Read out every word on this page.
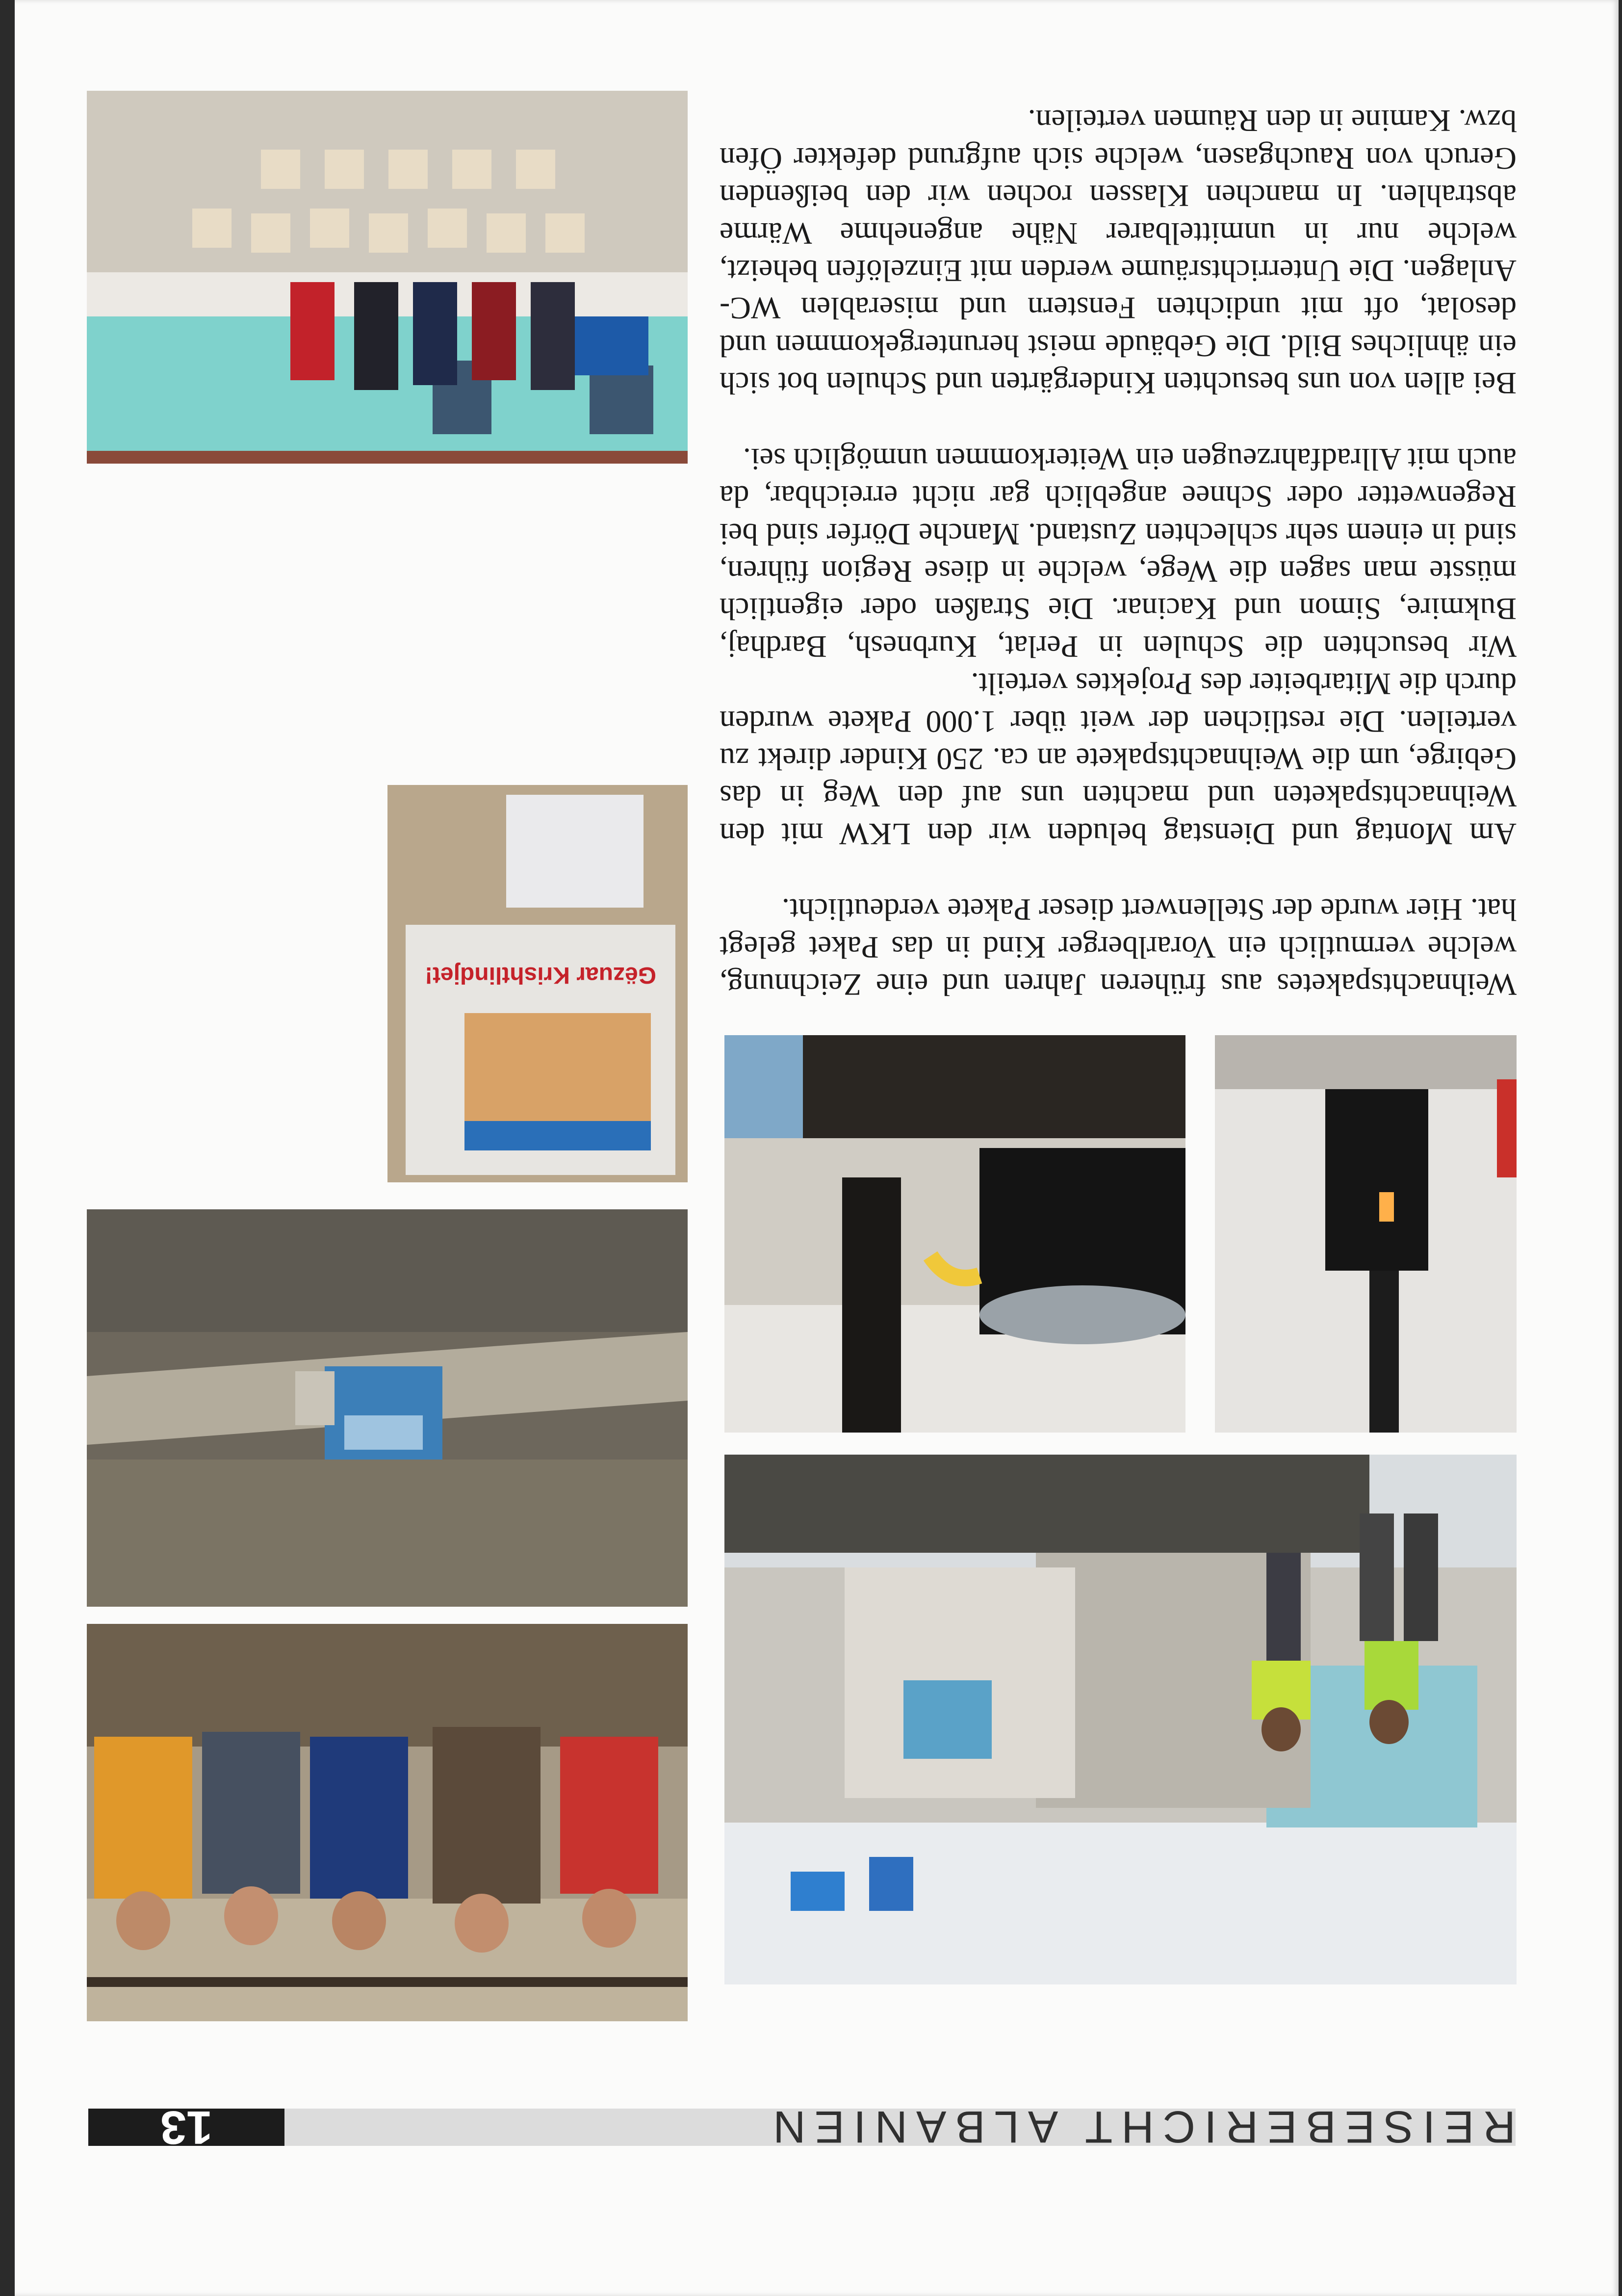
REISEBERICHT ALBANIEN
13
Gëzuar Krishtlindjet!	Weihnachtspaketes aus früheren Jahren und eine Zeichnung, welche vermutlich ein Vorarlberger Kind in das Paket gelegt hat. Hier wurde der Stellenwert dieser Pakete verdeutlicht.

Am Montag und Dienstag beluden wir den LKW mit den Weihnachtspaketen und machten uns auf den Weg in das Gebirge, um die Weihnachtspakete an ca. 250 Kinder direkt zu verteilen. Die restlichen der weit über 1.000 Pakete wurden durch die Mitarbeiter des Projektes verteilt.

Wir besuchten die Schulen in Perlat, Kurbnesh, Bardhaj, Bukmire, Simon und Kacinar. Die Straßen oder eigentlich müsste man sagen die Wege, welche in diese Region führen, sind in einem sehr schlechten Zustand. Manche Dörfer sind bei Regenwetter oder Schnee angeblich gar nicht erreichbar, da auch mit Allradfahrzeugen ein Weiterkommen unmöglich sei.

Bei allen von uns besuchten Kindergärten und Schulen bot sich ein ähnliches Bild. Die Gebäude meist heruntergekommen und desolat, oft mit undichten Fenstern und miserablen WC-Anlagen. Die Unterrichtsräume werden mit Einzelöfen beheizt, welche nur in unmittelbarer Nähe angenehme Wärme abstrahlen. In manchen Klassen rochen wir den beißenden Geruch von Rauchgasen, welche sich aufgrund defekter Öfen bzw. Kamine in den Räumen verteilen.
